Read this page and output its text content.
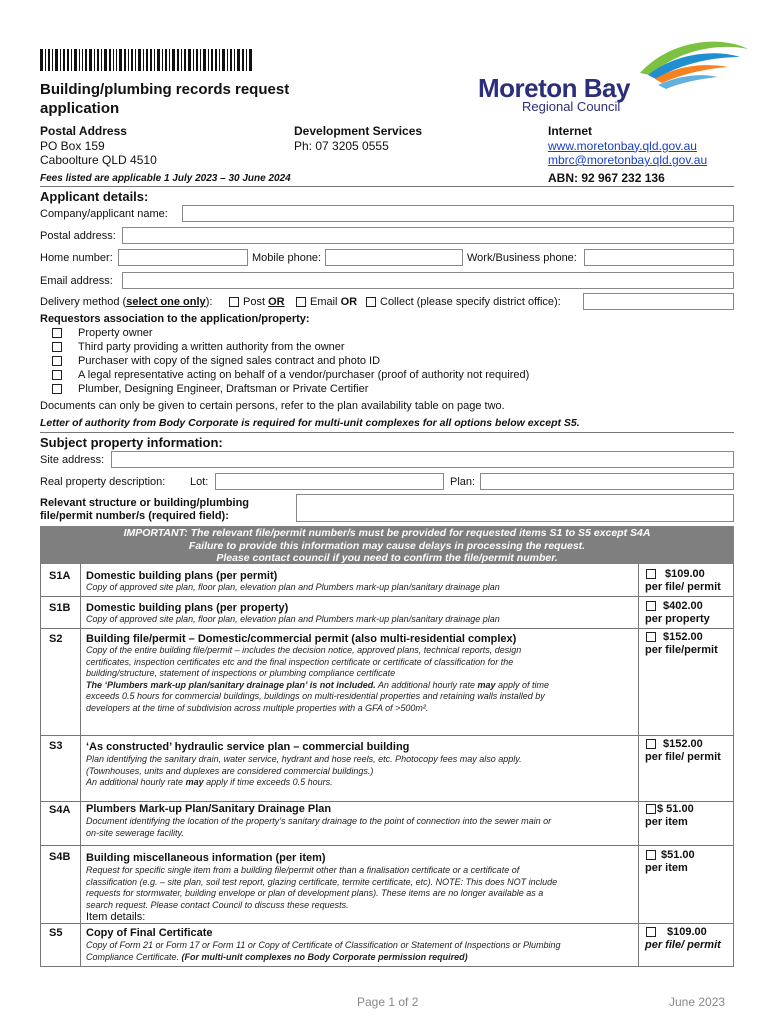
Building/plumbing records request
application
Moreton Bay
Regional Council
Postal Address
PO Box 159
Caboolture QLD 4510
Development Services
Ph: 07 3205 0555
Internet
www.moretonbay.qld.gov.au
mbrc@moretonbay.qld.gov.au
Fees listed are applicable 1 July 2023 – 30 June 2024	ABN: 92 967 232 136
Applicant details:
Company/applicant name:
Postal address:
Home number:	Mobile phone:	Work/Business phone:
Email address:
Delivery method (select one only):	Post OR Email OR Collect (please specify district office):
Requestors association to the application/property:
Property owner
Third party providing a written authority from the owner
Purchaser with copy of the signed sales contract and photo ID
A legal representative acting on behalf of a vendor/purchaser (proof of authority not required)
Plumber, Designing Engineer, Draftsman or Private Certifier
Documents can only be given to certain persons, refer to the plan availability table on page two.
Letter of authority from Body Corporate is required for multi-unit complexes for all options below except S5.
Subject property information:
Site address:
Real property description: Lot:	Plan:
Relevant structure or building/plumbing
file/permit number/s (required field):
IMPORTANT: The relevant file/permit number/s must be provided for requested items S1 to S5 except S4A
Failure to provide this information may cause delays in processing the request.
Please contact council if you need to confirm the file/permit number.
S1A Domestic building plans (per permit)
Copy of approved site plan, floor plan, elevation plan and Plumbers mark-up plan/sanitary drainage plan
$109.00
per file/ permit
S1B Domestic building plans (per property)
Copy of approved site plan, floor plan, elevation plan and Plumbers mark-up plan/sanitary drainage plan
$402.00
per property
S2 Building file/permit – Domestic/commercial permit (also multi-residential complex)
Copy of the entire building file/permit – includes the decision notice, approved plans, technical reports, design
certificates, inspection certificates etc and the final inspection certificate or certificate of classification for the
building/structure, statement of inspections or plumbing compliance certificate
The ‘Plumbers mark-up plan/sanitary drainage plan’ is not included. An additional hourly rate may apply of time
exceeds 0.5 hours for commercial buildings, buildings on multi-residential properties and retaining walls installed by
developers at the time of subdivision across multiple properties with a GFA of >500m².
$152.00
per file/permit
S3 ‘As constructed’ hydraulic service plan – commercial building
Plan identifying the sanitary drain, water service, hydrant and hose reels, etc. Photocopy fees may also apply.
(Townhouses, units and duplexes are considered commercial buildings.)
An additional hourly rate may apply if time exceeds 0.5 hours.
$152.00
per file/ permit
S4A Plumbers Mark-up Plan/Sanitary Drainage Plan
Document identifying the location of the property’s sanitary drainage to the point of connection into the sewer main or
on-site sewerage facility.
$ 51.00
per item
S4B Building miscellaneous information (per item)
Request for specific single item from a building file/permit other than a finalisation certificate or a certificate of
classification (e.g. – site plan, soil test report, glazing certificate, termite certificate, etc). NOTE: This does NOT include
requests for stormwater, building envelope or plan of development plans). These items are no longer available as a
search request. Please contact Council to discuss these requests.
Item details:
$51.00
per item
S5 Copy of Final Certificate
Copy of Form 21 or Form 17 or Form 11 or Copy of Certificate of Classification or Statement of Inspections or Plumbing
Compliance Certificate. (For multi-unit complexes no Body Corporate permission required)
$109.00
per file/ permit
Page 1 of 2	June 2023
